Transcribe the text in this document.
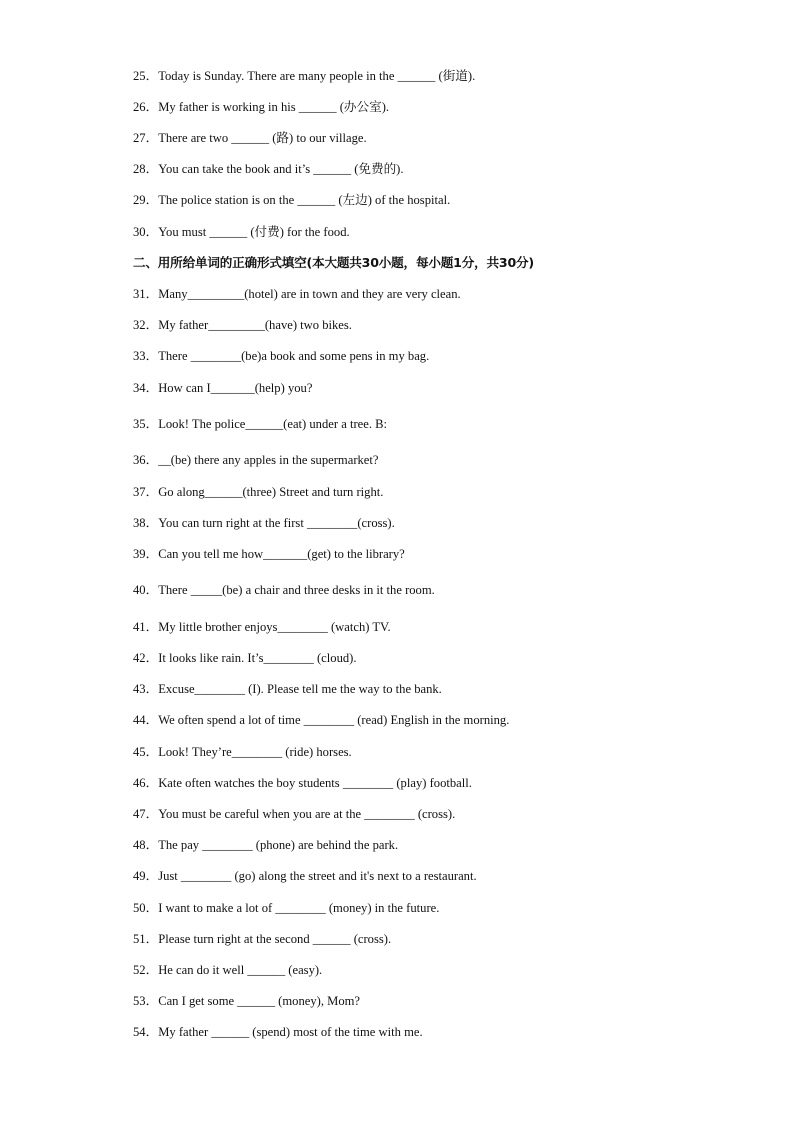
25．Today is Sunday. There are many people in the ______ (街道).
26．My father is working in his ______ (办公室).
27．There are two ______ (路) to our village.
28．You can take the book and it’s ______ (免费的).
29．The police station is on the ______ (左边) of the hospital.
30．You must ______ (付费) for the food.
二、用所给单词的正确形式填空(本大题共30小题，每小题1分，共30分)
31．Many_________(hotel) are in town and they are very clean.
32．My father_________(have) two bikes.
33．There ________(be)a book and some pens in my bag.
34．How can I_______(help) you?
35．Look! The police______(eat) under a tree. B:
36．__(be) there any apples in the supermarket?
37．Go along______(three) Street and turn right.
38．You can turn right at the first ________(cross).
39．Can you tell me how_______(get) to the library?
40．There _____(be) a chair and three desks in it the room.
41．My little brother enjoys________ (watch) TV.
42．It looks like rain. It’s________ (cloud).
43．Excuse________ (I). Please tell me the way to the bank.
44．We often spend a lot of time ________ (read) English in the morning.
45．Look! They’re________ (ride) horses.
46．Kate often watches the boy students ________ (play) football.
47．You must be careful when you are at the ________ (cross).
48．The pay ________ (phone) are behind the park.
49．Just ________ (go) along the street and it's next to a restaurant.
50．I want to make a lot of ________ (money) in the future.
51．Please turn right at the second ______ (cross).
52．He can do it well ______ (easy).
53．Can I get some ______ (money), Mom?
54．My father ______ (spend) most of the time with me.
